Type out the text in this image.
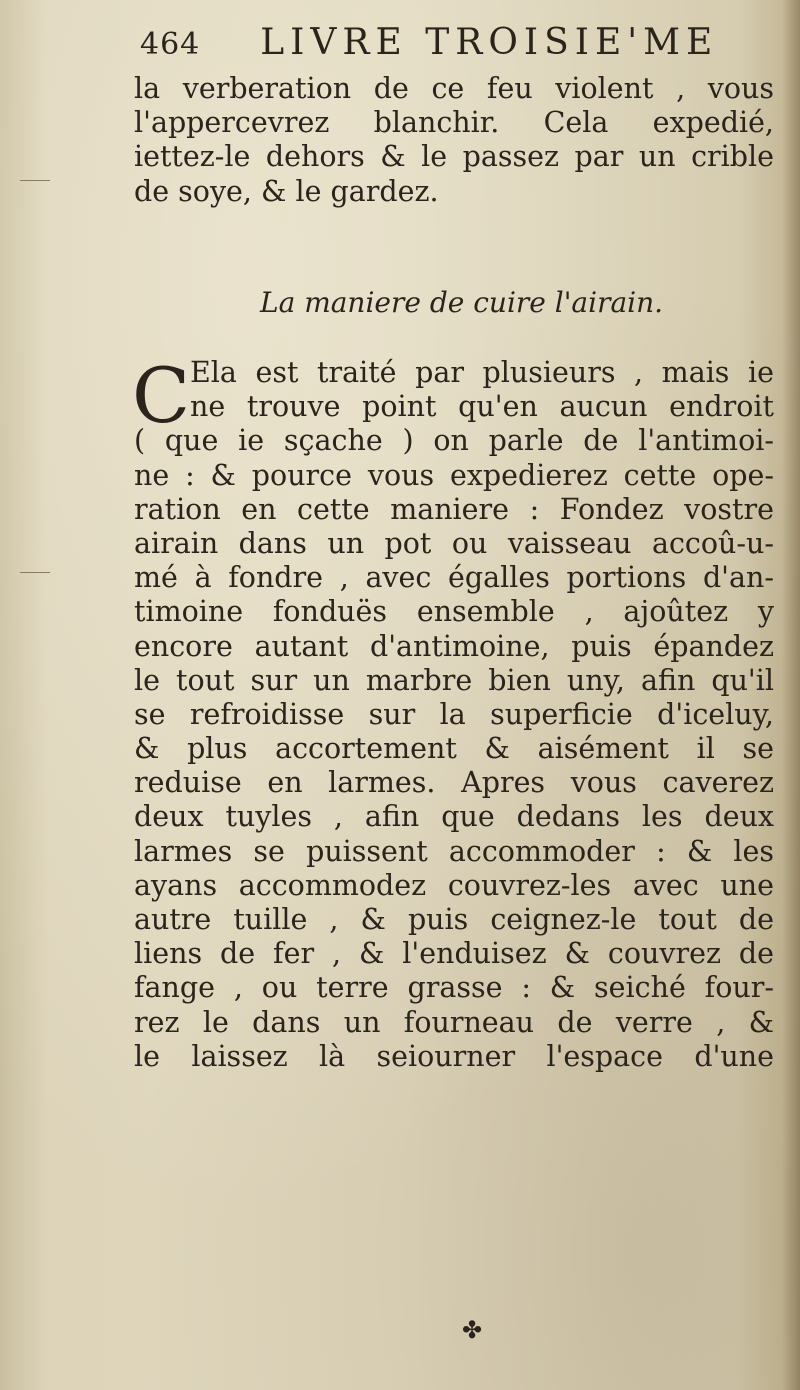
464 LIVRE TROISIE'ME
la verberation de ce feu violent , vous
l'appercevrez blanchir. Cela expedié,
iettez-le dehors & le passez par un crible
de soye, & le gardez.
La maniere de cuire l'airain.
C Ela est traité par plusieurs , mais ie
ne trouve point qu'en aucun endroit
( que ie sçache ) on parle de l'antimoi-
ne : & pource vous expedierez cette ope-
ration en cette maniere : Fondez vostre
airain dans un pot ou vaisseau accoû-u-
mé à fondre , avec égalles portions d'an-
timoine fonduës ensemble , ajoûtez y
encore autant d'antimoine, puis épandez
le tout sur un marbre bien uny, afin qu'il
se refroidisse sur la superficie d'iceluy,
& plus accortement & aisément il se
reduise en larmes. Apres vous caverez
deux tuyles , afin que dedans les deux
larmes se puissent accommoder : & les
ayans accommodez couvrez-les avec une
autre tuille , & puis ceignez-le tout de
liens de fer , & l'enduisez & couvrez de
fange , ou terre grasse : & seiché four-
rez le dans un fourneau de verre , &
le laissez là seiourner l'espace d'une
✤
